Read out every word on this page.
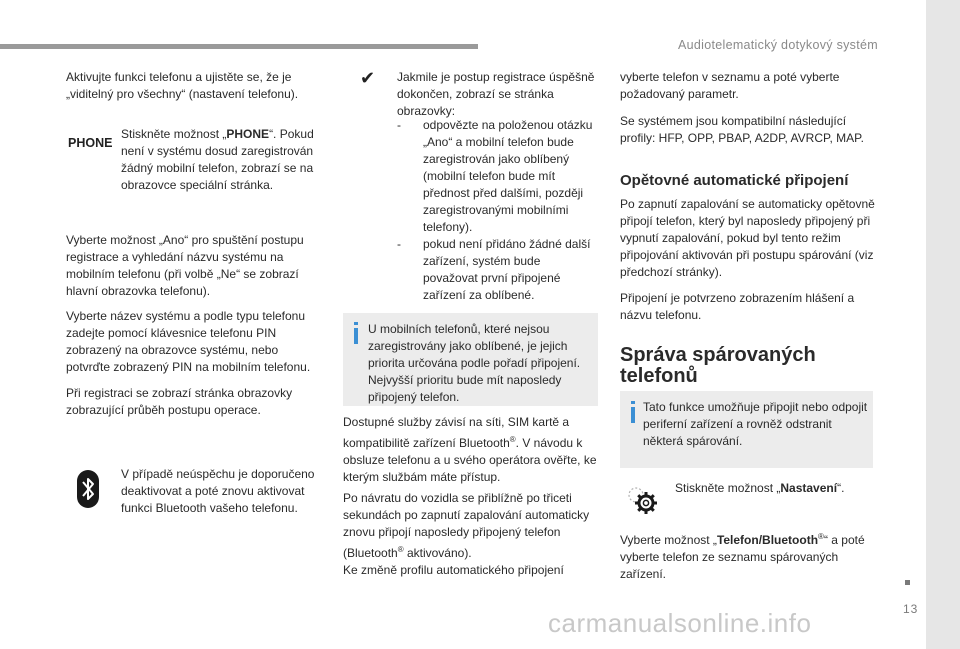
Audiotelematický dotykový systém
13

Aktivujte funkci telefonu a ujistěte se, že je „viditelný pro všechny“ (nastavení telefonu).

PHONE
Stiskněte možnost „PHONE“. Pokud není v systému dosud zaregistrován žádný mobilní telefon, zobrazí se na obrazovce speciální stránka.

Vyberte možnost „Ano“ pro spuštění postupu registrace a vyhledání názvu systému na mobilním telefonu (při volbě „Ne“ se zobrazí hlavní obrazovka telefonu).

Vyberte název systému a podle typu telefonu zadejte pomocí klávesnice telefonu PIN zobrazený na obrazovce systému, nebo potvrďte zobrazený PIN na mobilním telefonu.

Při registraci se zobrazí stránka obrazovky zobrazující průběh postupu operace.

V případě neúspěchu je doporučeno deaktivovat a poté znovu aktivovat funkci Bluetooth vašeho telefonu.

✔ Jakmile je postup registrace úspěšně dokončen, zobrazí se stránka obrazovky:

- odpovězte na položenou otázku „Ano“ a mobilní telefon bude zaregistrován jako oblíbený (mobilní telefon bude mít přednost před dalšími, později zaregistrovanými mobilními telefony).
- pokud není přidáno žádné další zařízení, systém bude považovat první připojené zařízení za oblíbené.

U mobilních telefonů, které nejsou zaregistrovány jako oblíbené, je jejich priorita určována podle pořadí připojení. Nejvyšší prioritu bude mít naposledy připojený telefon.

Dostupné služby závisí na síti, SIM kartě a kompatibilitě zařízení Bluetooth®. V návodu k obsluze telefonu a u svého operátora ověřte, ke kterým službám máte přístup.
Po návratu do vozidla se přiblížně po třiceti sekundách po zapnutí zapalování automaticky znovu připojí naposledy připojený telefon (Bluetooth® aktivováno).
Ke změně profilu automatického připojení

vyberte telefon v seznamu a poté vyberte požadovaný parametr.

Se systémem jsou kompatibilní následující profily: HFP, OPP, PBAP, A2DP, AVRCP, MAP.

Opětovné automatické připojení

Po zapnutí zapalování se automaticky opětovně připojí telefon, který byl naposledy připojený při vypnutí zapalování, pokud byl tento režim připojování aktivován při postupu spárování (viz předchozí stránky).

Připojení je potvrzeno zobrazením hlášení a názvu telefonu.

Správa spárovaných telefonů

Tato funkce umožňuje připojit nebo odpojit periferní zařízení a rovněž odstranit některá spárování.

Stiskněte možnost „Nastavení“.
Vyberte možnost „Telefon/Bluetooth®“ a poté vyberte telefon ze seznamu spárovaných zařízení.
carmanualsonline.info
